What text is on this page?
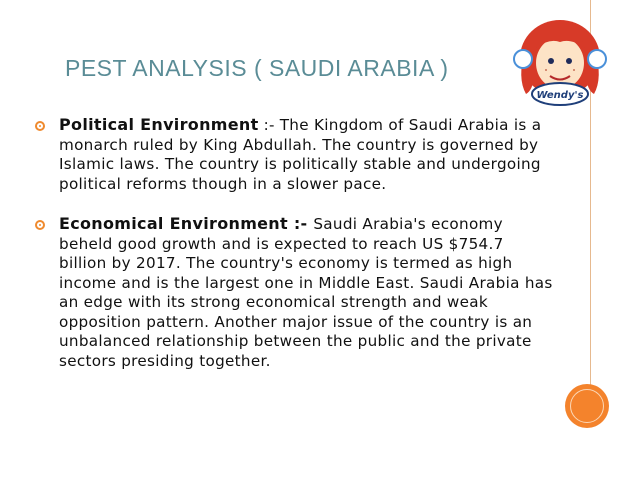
Wendy's
PEST ANALYSIS ( SAUDI ARABIA )
Political Environment :- The Kingdom of Saudi Arabia is a monarch ruled by King Abdullah. The country is governed by Islamic laws. The country is politically stable and undergoing political reforms though in a slower pace.
Economical Environment :- Saudi Arabia's economy beheld good growth and is expected to reach US $754.7 billion by 2017. The country's economy is termed as high income and is the largest one in Middle East. Saudi Arabia has an edge with its strong economical strength and weak opposition pattern. Another major issue of the country is an unbalanced relationship between the public and the private sectors presiding together.
